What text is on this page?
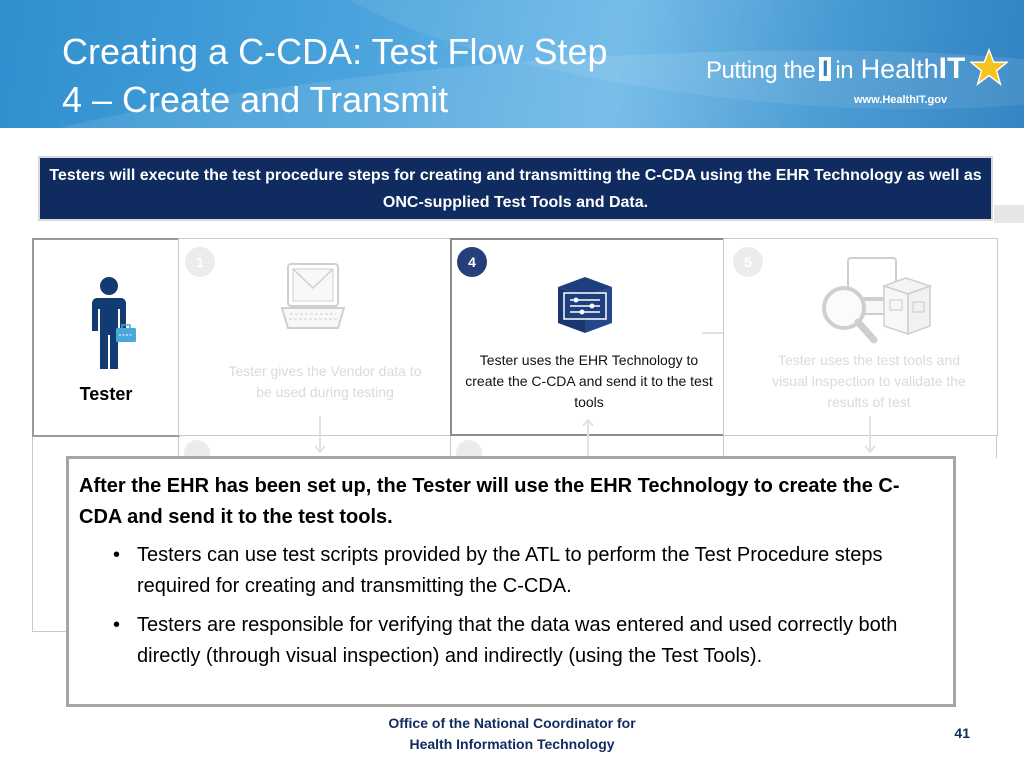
Creating a C-CDA: Test Flow Step
4 – Create and Transmit
Putting the I in HealthIT
www.HealthIT.gov
Testers will execute the test procedure steps for creating and transmitting the C-CDA using the EHR Technology as well as ONC-supplied Test Tools and Data.
Tester
1
Tester gives the Vendor data to be used during testing
4
Tester uses the EHR Technology to create the C-CDA and send it to the test tools
5
Tester uses the test tools and visual inspection to validate the results of test
After the EHR has been set up, the Tester will use the EHR Technology to create the C-CDA and send it to the test tools.
• Testers can use test scripts provided by the ATL to perform the Test Procedure steps required for creating and transmitting the C-CDA.
• Testers are responsible for verifying that the data was entered and used correctly both directly (through visual inspection) and indirectly (using the Test Tools).
Office of the National Coordinator for
Health Information Technology
41
